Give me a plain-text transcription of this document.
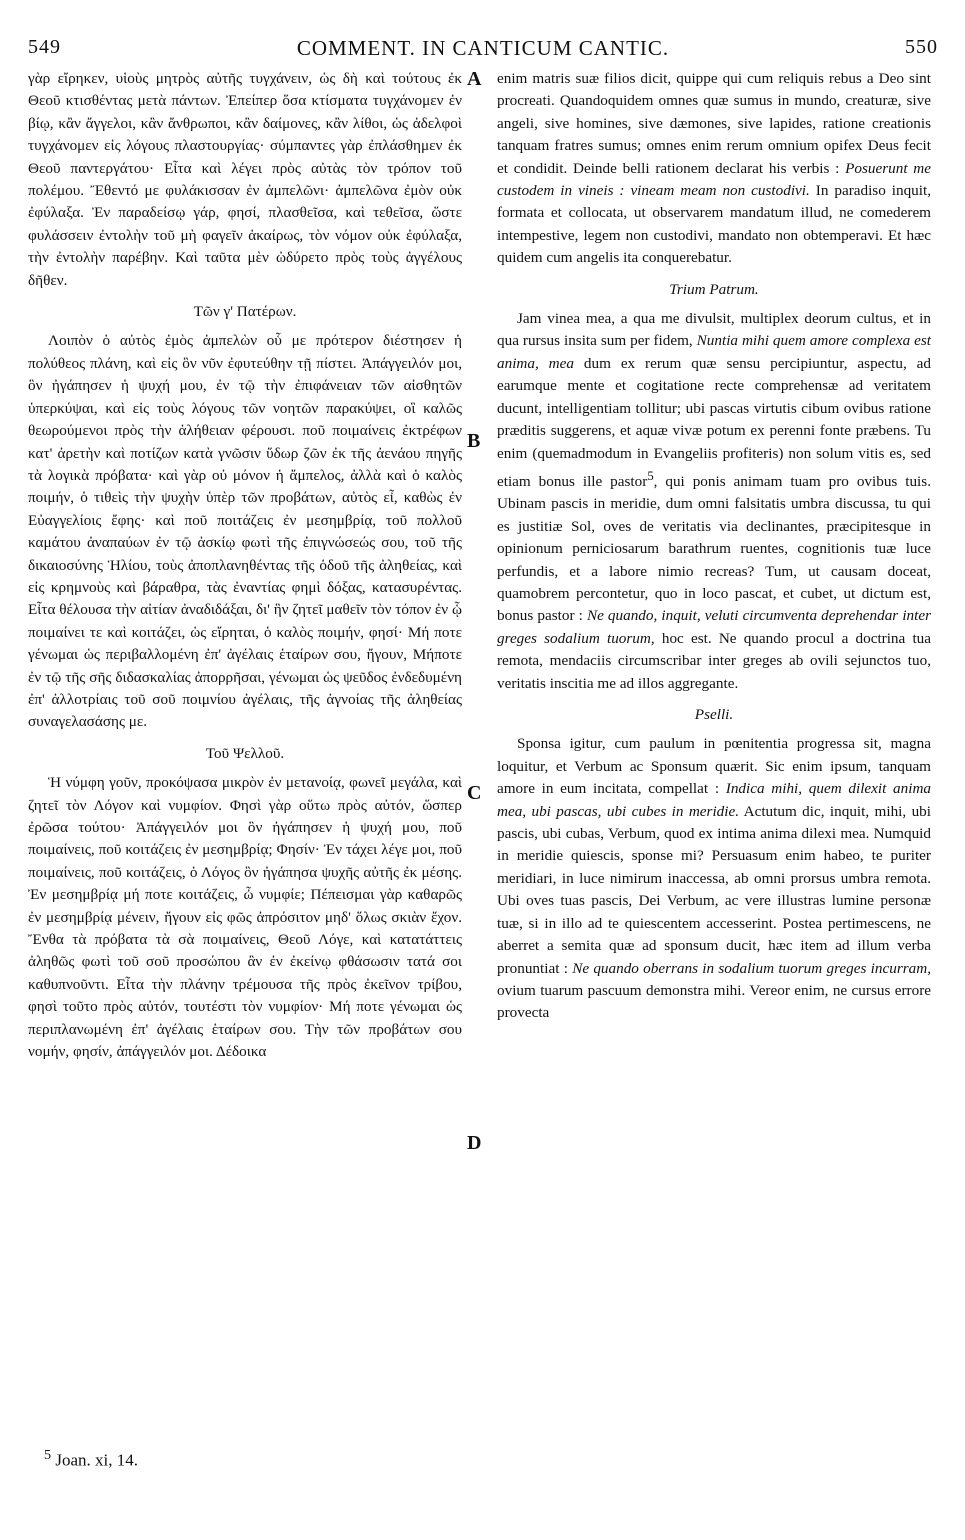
549	COMMENT. IN CANTICUM CANTIC.	550

γὰρ εἴρηκεν, υἱοὺς μητρὸς αὐτῆς τυγχάνειν, ὡς δὴ καὶ τούτους ἐκ Θεοῦ κτισθέντας μετὰ πάντων. Ἐπείπερ ὅσα κτίσματα τυγχάνομεν ἐν βίῳ, κἂν ἄγγελοι, κἂν ἄνθρωποι, κἂν δαίμονες, κἂν λίθοι, ὡς ἀδελφοὶ τυγχάνομεν εἰς λόγους πλαστουργίας· σύμπαντες γὰρ ἐπλάσθημεν ἐκ Θεοῦ παντεργάτου· Εἶτα καὶ λέγει πρὸς αὐτὰς τὸν τρόπον τοῦ πολέμου. Ἔθεντό με φυλάκισσαν ἐν ἀμπελῶνι· ἀμπελῶνα ἐμὸν οὐκ ἐφύλαξα. Ἐν παραδείσῳ γάρ, φησί, πλασθεῖσα, καὶ τεθεῖσα, ὥστε φυλάσσειν ἐντολὴν τοῦ μὴ φαγεῖν ἀκαίρως, τὸν νόμον οὐκ ἐφύλαξα, τὴν ἐντολὴν παρέβην. Καὶ ταῦτα μὲν ὠδύρετο πρὸς τοὺς ἀγγέλους δῆθεν.

Τῶν γ' Πατέρων.

Λοιπὸν ὁ αὐτὸς ἐμὸς ἀμπελὼν οὗ με πρότερον διέστησεν ἡ πολύθεος πλάνη, καὶ εἰς ὃν νῦν ἐφυτεύθην τῇ πίστει. Ἀπάγγειλόν μοι, ὃν ἠγάπησεν ἡ ψυχή μου, ἐν τῷ τὴν ἐπιφάνειαν τῶν αἰσθητῶν ὑπερκύψαι, καὶ εἰς τοὺς λόγους τῶν νοητῶν παρακύψει, οἳ καλῶς θεωρούμενοι πρὸς τὴν ἀλήθειαν φέρουσι. ποῦ ποιμαίνεις ἐκτρέφων κατ' ἀρετὴν καὶ ποτίζων κατὰ γνῶσιν ὕδωρ ζῶν ἐκ τῆς ἀενάου πηγῆς τὰ λογικὰ πρόβατα· καὶ γὰρ οὐ μόνον ἡ ἄμπελος, ἀλλὰ καὶ ὁ καλὸς ποιμήν, ὁ τιθεὶς τὴν ψυχὴν ὑπὲρ τῶν προβάτων, αὐτὸς εἶ, καθὼς ἐν Εὐαγγελίοις ἔφης· καὶ ποῦ ποιτάζεις ἐν μεσημβρίᾳ, τοῦ πολλοῦ καμάτου ἀναπαύων ἐν τῷ ἀσκίῳ φωτὶ τῆς ἐπιγνώσεώς σου, τοῦ τῆς δικαιοσύνης Ἡλίου, τοὺς ἀποπλανηθέντας τῆς ὁδοῦ τῆς ἀληθείας, καὶ εἰς κρημνοὺς καὶ βάραθρα, τὰς ἐναντίας φημὶ δόξας, κατασυρέντας. Εἶτα θέλουσα τὴν αἰτίαν ἀναδιδάξαι, δι' ἣν ζητεῖ μαθεῖν τὸν τόπον ἐν ᾧ ποιμαίνει τε καὶ κοιτάζει, ὡς εἴρηται, ὁ καλὸς ποιμήν, φησί· Μή ποτε γένωμαι ὡς περιβαλλομένη ἐπ' ἀγέλαις ἑταίρων σου, ἤγουν, Μήποτε ἐν τῷ τῆς σῆς διδασκαλίας ἀπορρῆσαι, γένωμαι ὡς ψεῦδος ἐνδεδυμένη ἐπ' ἀλλοτρίαις τοῦ σοῦ ποιμνίου ἀγέλαις, τῆς ἀγνοίας τῆς ἀληθείας συναγελασάσης με.

Τοῦ Ψελλοῦ.

Ἡ νύμφη γοῦν, προκόψασα μικρὸν ἐν μετανοίᾳ, φωνεῖ μεγάλα, καὶ ζητεῖ τὸν Λόγον καὶ νυμφίον. Φησὶ γὰρ οὕτω πρὸς αὐτόν, ὥσπερ ἐρῶσα τούτου· Ἀπάγγειλόν μοι ὃν ἠγάπησεν ἡ ψυχή μου, ποῦ ποιμαίνεις, ποῦ κοιτάζεις ἐν μεσημβρίᾳ; Φησίν· Ἐν τάχει λέγε μοι, ποῦ ποιμαίνεις, ποῦ κοιτάζεις, ὁ Λόγος ὃν ἠγάπησα ψυχῆς αὐτῆς ἐκ μέσης. Ἐν μεσημβρίᾳ μή ποτε κοιτάζεις, ὦ νυμφίε; Πέπεισμαι γὰρ καθαρῶς ἐν μεσημβρίᾳ μένειν, ἤγουν εἰς φῶς ἀπρόσιτον μηδ' ὅλως σκιὰν ἔχον. Ἔνθα τὰ πρόβατα τὰ σὰ ποιμαίνεις, Θεοῦ Λόγε, καὶ κατατάττεις ἀληθῶς φωτὶ τοῦ σοῦ προσώπου ἂν ἐν ἐκείνῳ φθάσωσιν τατά σοι καθυπνοῦντι. Εἶτα τὴν πλάνην τρέμουσα τῆς πρὸς ἐκεῖνον τρίβου, φησὶ τοῦτο πρὸς αὐτόν, τουτέστι τὸν νυμφίον· Μή ποτε γένωμαι ὡς περιπλανωμένη ἐπ' ἀγέλαις ἑταίρων σου. Τὴν τῶν προβάτων σου νομήν, φησίν, ἀπάγγειλόν μοι. Δέδοικα

A
B
C
D

enim matris suæ filios dicit, quippe qui cum reliquis rebus a Deo sint procreati. Quandoquidem omnes quæ sumus in mundo, creaturæ, sive angeli, sive homines, sive dæmones, sive lapides, ratione creationis tanquam fratres sumus; omnes enim rerum omnium opifex Deus fecit et condidit. Deinde belli rationem declarat his verbis : Posuerunt me custodem in vineis : vineam meam non custodivi. In paradiso inquit, formata et collocata, ut observarem mandatum illud, ne comederem intempestive, legem non custodivi, mandato non obtemperavi. Et hæc quidem cum angelis ita conquerebatur.

Trium Patrum.

Jam vinea mea, a qua me divulsit, multiplex deorum cultus, et in qua rursus insita sum per fidem, Nuntia mihi quem amore complexa est anima, mea dum ex rerum quæ sensu percipiuntur, aspectu, ad earumque mente et cogitatione recte comprehensæ ad veritatem ducunt, intelligentiam tollitur; ubi pascas virtutis cibum ovibus ratione præditis suggerens, et aquæ vivæ potum ex perenni fonte præbens. Tu enim (quemadmodum in Evangeliis profiteris) non solum vitis es, sed etiam bonus ille pastor$^5$, qui ponis animam tuam pro ovibus tuis. Ubinam pascis in meridie, dum omni falsitatis umbra discussa, tu qui es justitiæ Sol, oves de veritatis via declinantes, præcipitesque in opinionum perniciosarum barathrum ruentes, cognitionis tuæ luce perfundis, et a labore nimio recreas? Tum, ut causam doceat, quamobrem percontetur, quo in loco pascat, et cubet, ut dictum est, bonus pastor : Ne quando, inquit, veluti circumventa deprehendar inter greges sodalium tuorum, hoc est. Ne quando procul a doctrina tua remota, mendaciis circumscribar inter greges ab ovili sejunctos tuo, veritatis inscitia me ad illos aggregante.

Pselli.

Sponsa igitur, cum paulum in pœnitentia progressa sit, magna loquitur, et Verbum ac Sponsum quærit. Sic enim ipsum, tanquam amore in eum incitata, compellat : Indica mihi, quem dilexit anima mea, ubi pascas, ubi cubes in meridie. Actutum dic, inquit, mihi, ubi pascis, ubi cubas, Verbum, quod ex intima anima dilexi mea. Numquid in meridie quiescis, sponse mi? Persuasum enim habeo, te puriter meridiari, in luce nimirum inaccessa, ab omni prorsus umbra remota. Ubi oves tuas pascis, Dei Verbum, ac vere illustras lumine personæ tuæ, si in illo ad te quiescentem accesserint. Postea pertimescens, ne aberret a semita quæ ad sponsum ducit, hæc item ad illum verba pronuntiat : Ne quando oberrans in sodalium tuorum greges incurram, ovium tuarum pascuum demonstra mihi. Vereor enim, ne cursus errore provecta

$^5$ Joan. xi, 14.
